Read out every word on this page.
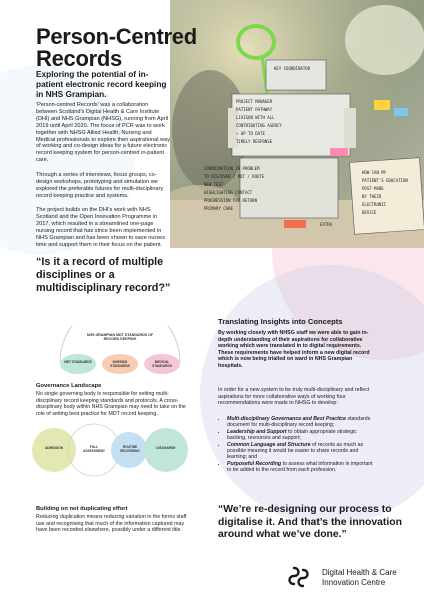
KEY COORDINATOR
PROJECT MANAGER
PATIENT PATHWAY
LIAISON WITH ALL
CONTRIBUTING AGENCY
→ UP TO DATE
TIMELY RESPONSE
COORDINATION IN PROBLEM
TO DISCOVER / MDT / ROUTE
NEW TEST
HIGHLIGHTING CONTACT
PROGRESSION FOR RETURN
PRIMARY CARE
EXTRA
HOW CAN MY
PATIENT'S EDUCATION
POST-MABE
BY THEIR
ELECTRONIC
DEVICE
Person-Centred
Records
Exploring the potential of in-patient electronic record keeping in NHS Grampian.
'Person-centred Records' was a collaboration between Scotland's Digital Health & Care Institute (DHI) and NHS Grampian (NHSG), running from April 2019 until April 2020. The focus of PCR was to work together with NHSG Allied Health, Nursing and Medical professionals to explore their aspirational way of working and co-design ideas for a future electronic record keeping system for person-centred in-patient care.
Through a series of interviews, focus groups, co-design workshops, prototyping and simulation we explored the preferable futures for multi-disciplinary record keeping practice and systems.
The project builds on the DHI's work with NHS Scotland and the Open Innovation Programme in 2017, which resulted in a streamlined one-page nursing record that has since been implemented in NHS Grampian and has been shown to save nurses time and support them in their focus on the patient.
“Is it a record of multiple disciplines or a multidisciplinary record?”
NHS GRAMPIAN MDT STANDARDS OF RECORD KEEPING
MDT STANDARDS	NURSING STANDARDS
MEDICAL STANDARDS
Governance Landscape
No single governing body is responsible for setting multi-disciplinary record keeping standards and protocols. A cross-disciplinary body within NHS Grampian may need to take on the role of setting best practice for MDT record keeping.
ADMISSION	FULL ASSESSMENT
ROUTINE RECORDING
DISCHARGE
Building on not duplicating effort
Reducing duplication means reducing variation in the forms staff use and recognising that much of the information captured may have been recorded elsewhere, possibly under a different title.
Translating Insights into Concepts
By working closely with NHSG staff we were able to gain in-depth understanding of their aspirations for collaborative working which were translated in to digital requirements. These requirements have helped inform a new digital record which is now being trialled on ward in NHS Grampian hospitals.
In order for a new system to be truly multi-disciplinary and reflect aspirations for more collaborative ways of working four recommendations were made to NHSG to develop:
• Multi-disciplinary Governance and Best Practice standards document for multi-disciplinary record keeping;
• Leadership and Support to obtain appropriate strategic backing, resources and support;
• Common Language and Structure of records as much as possible meaning it would be easier to share records and learning; and
• Purposeful Recording to assess what information in important to be added to the record from each profession.
“We’re re-designing our process to digitalise it. And that’s the innovation around what we’ve done.”
Digital Health & Care
Innovation Centre
